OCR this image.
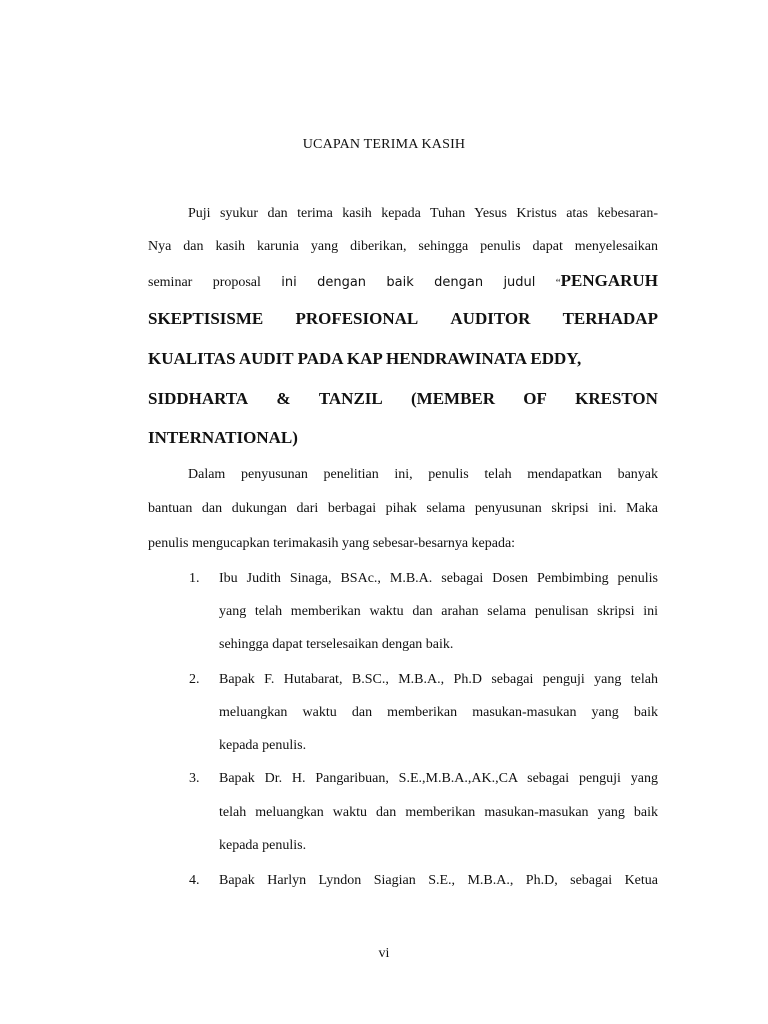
UCAPAN TERIMA KASIH
Puji syukur dan terima kasih kepada Tuhan Yesus Kristus atas kebesaran-
Nya dan kasih karunia yang diberikan, sehingga penulis dapat menyelesaikan
seminar proposal ini dengan baik dengan judul “PENGARUH
SKEPTISISME PROFESIONAL AUDITOR TERHADAP
KUALITAS AUDIT PADA KAP HENDRAWINATA EDDY,
SIDDHARTA & TANZIL (MEMBER OF KRESTON
INTERNATIONAL)
Dalam penyusunan penelitian ini, penulis telah mendapatkan banyak
bantuan dan dukungan dari berbagai pihak selama penyusunan skripsi ini. Maka
penulis mengucapkan terimakasih yang sebesar-besarnya kepada:
1. Ibu Judith Sinaga, BSAc., M.B.A. sebagai Dosen Pembimbing penulis
yang telah memberikan waktu dan arahan selama penulisan skripsi ini
sehingga dapat terselesaikan dengan baik.
2. Bapak F. Hutabarat, B.SC., M.B.A., Ph.D sebagai penguji yang telah
meluangkan waktu dan memberikan masukan-masukan yang baik
kepada penulis.
3. Bapak Dr. H. Pangaribuan, S.E.,M.B.A.,AK.,CA sebagai penguji yang
telah meluangkan waktu dan memberikan masukan-masukan yang baik
kepada penulis.
4. Bapak Harlyn Lyndon Siagian S.E., M.B.A., Ph.D, sebagai Ketua
vi
